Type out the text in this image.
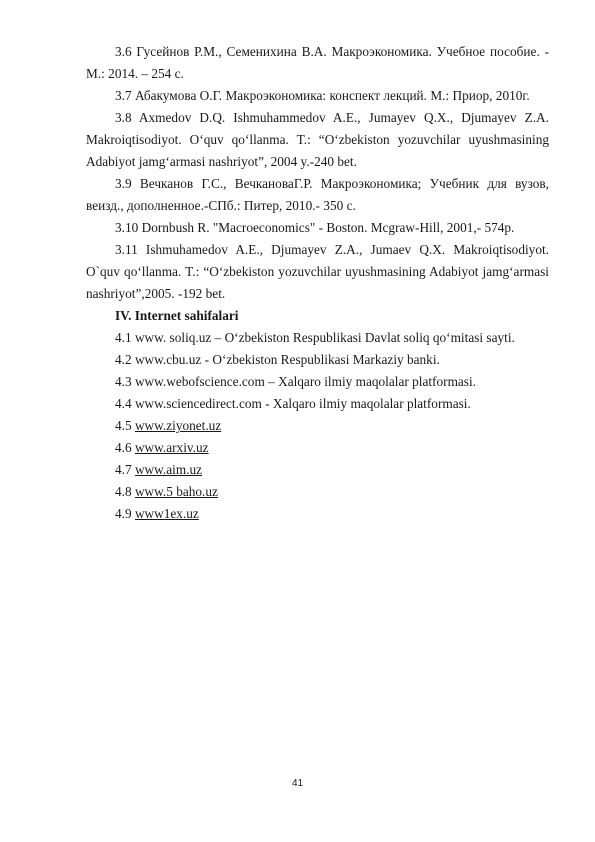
3.6 Гусейнов Р.М., Семенихина В.А. Макроэкономика. Учебное пособие. - М.: 2014. – 254 с.

3.7 Абакумова О.Г. Макроэкономика: конспект лекций. М.: Приор, 2010г.

3.8 Axmedov D.Q. Ishmuhammedov A.E., Jumayev Q.X., Djumayev Z.A. Makroiqtisodiyot. O‘quv qo‘llanma. T.: “O‘zbekiston yozuvchilar uyushmasining Adabiyot jamg‘armasi nashriyot”, 2004 y.-240 bet.

3.9 Вечканов Г.С., ВечкановаГ.Р. Макроэкономика; Учебник для вузов, веизд., дополненное.-СПб.: Питер, 2010.- 350 с.

3.10 Dornbush R. "Macroeconomics" - Boston. Mcgraw-Hill, 2001,- 574p.

3.11 Ishmuhamedov A.E., Djumayev Z.A., Jumaev Q.X. Makroiqtisodiyot. O`quv qo‘llanma. T.: “O‘zbekiston yozuvchilar uyushmasining Adabiyot jamg‘armasi nashriyot”,2005. -192 bet.

IV. Internet sahifalari

4.1 www. soliq.uz – O‘zbekiston Respublikasi Davlat soliq qo‘mitasi sayti.

4.2 www.cbu.uz - O‘zbekiston Respublikasi Markaziy banki.

4.3 www.webofscience.com – Xalqaro ilmiy maqolalar platformasi.

4.4 www.sciencedirect.com - Xalqaro ilmiy maqolalar platformasi.

4.5 www.ziyonet.uz

4.6 www.arxiv.uz

4.7 www.aim.uz

4.8 www.5 baho.uz

4.9 www1ex.uz

41
